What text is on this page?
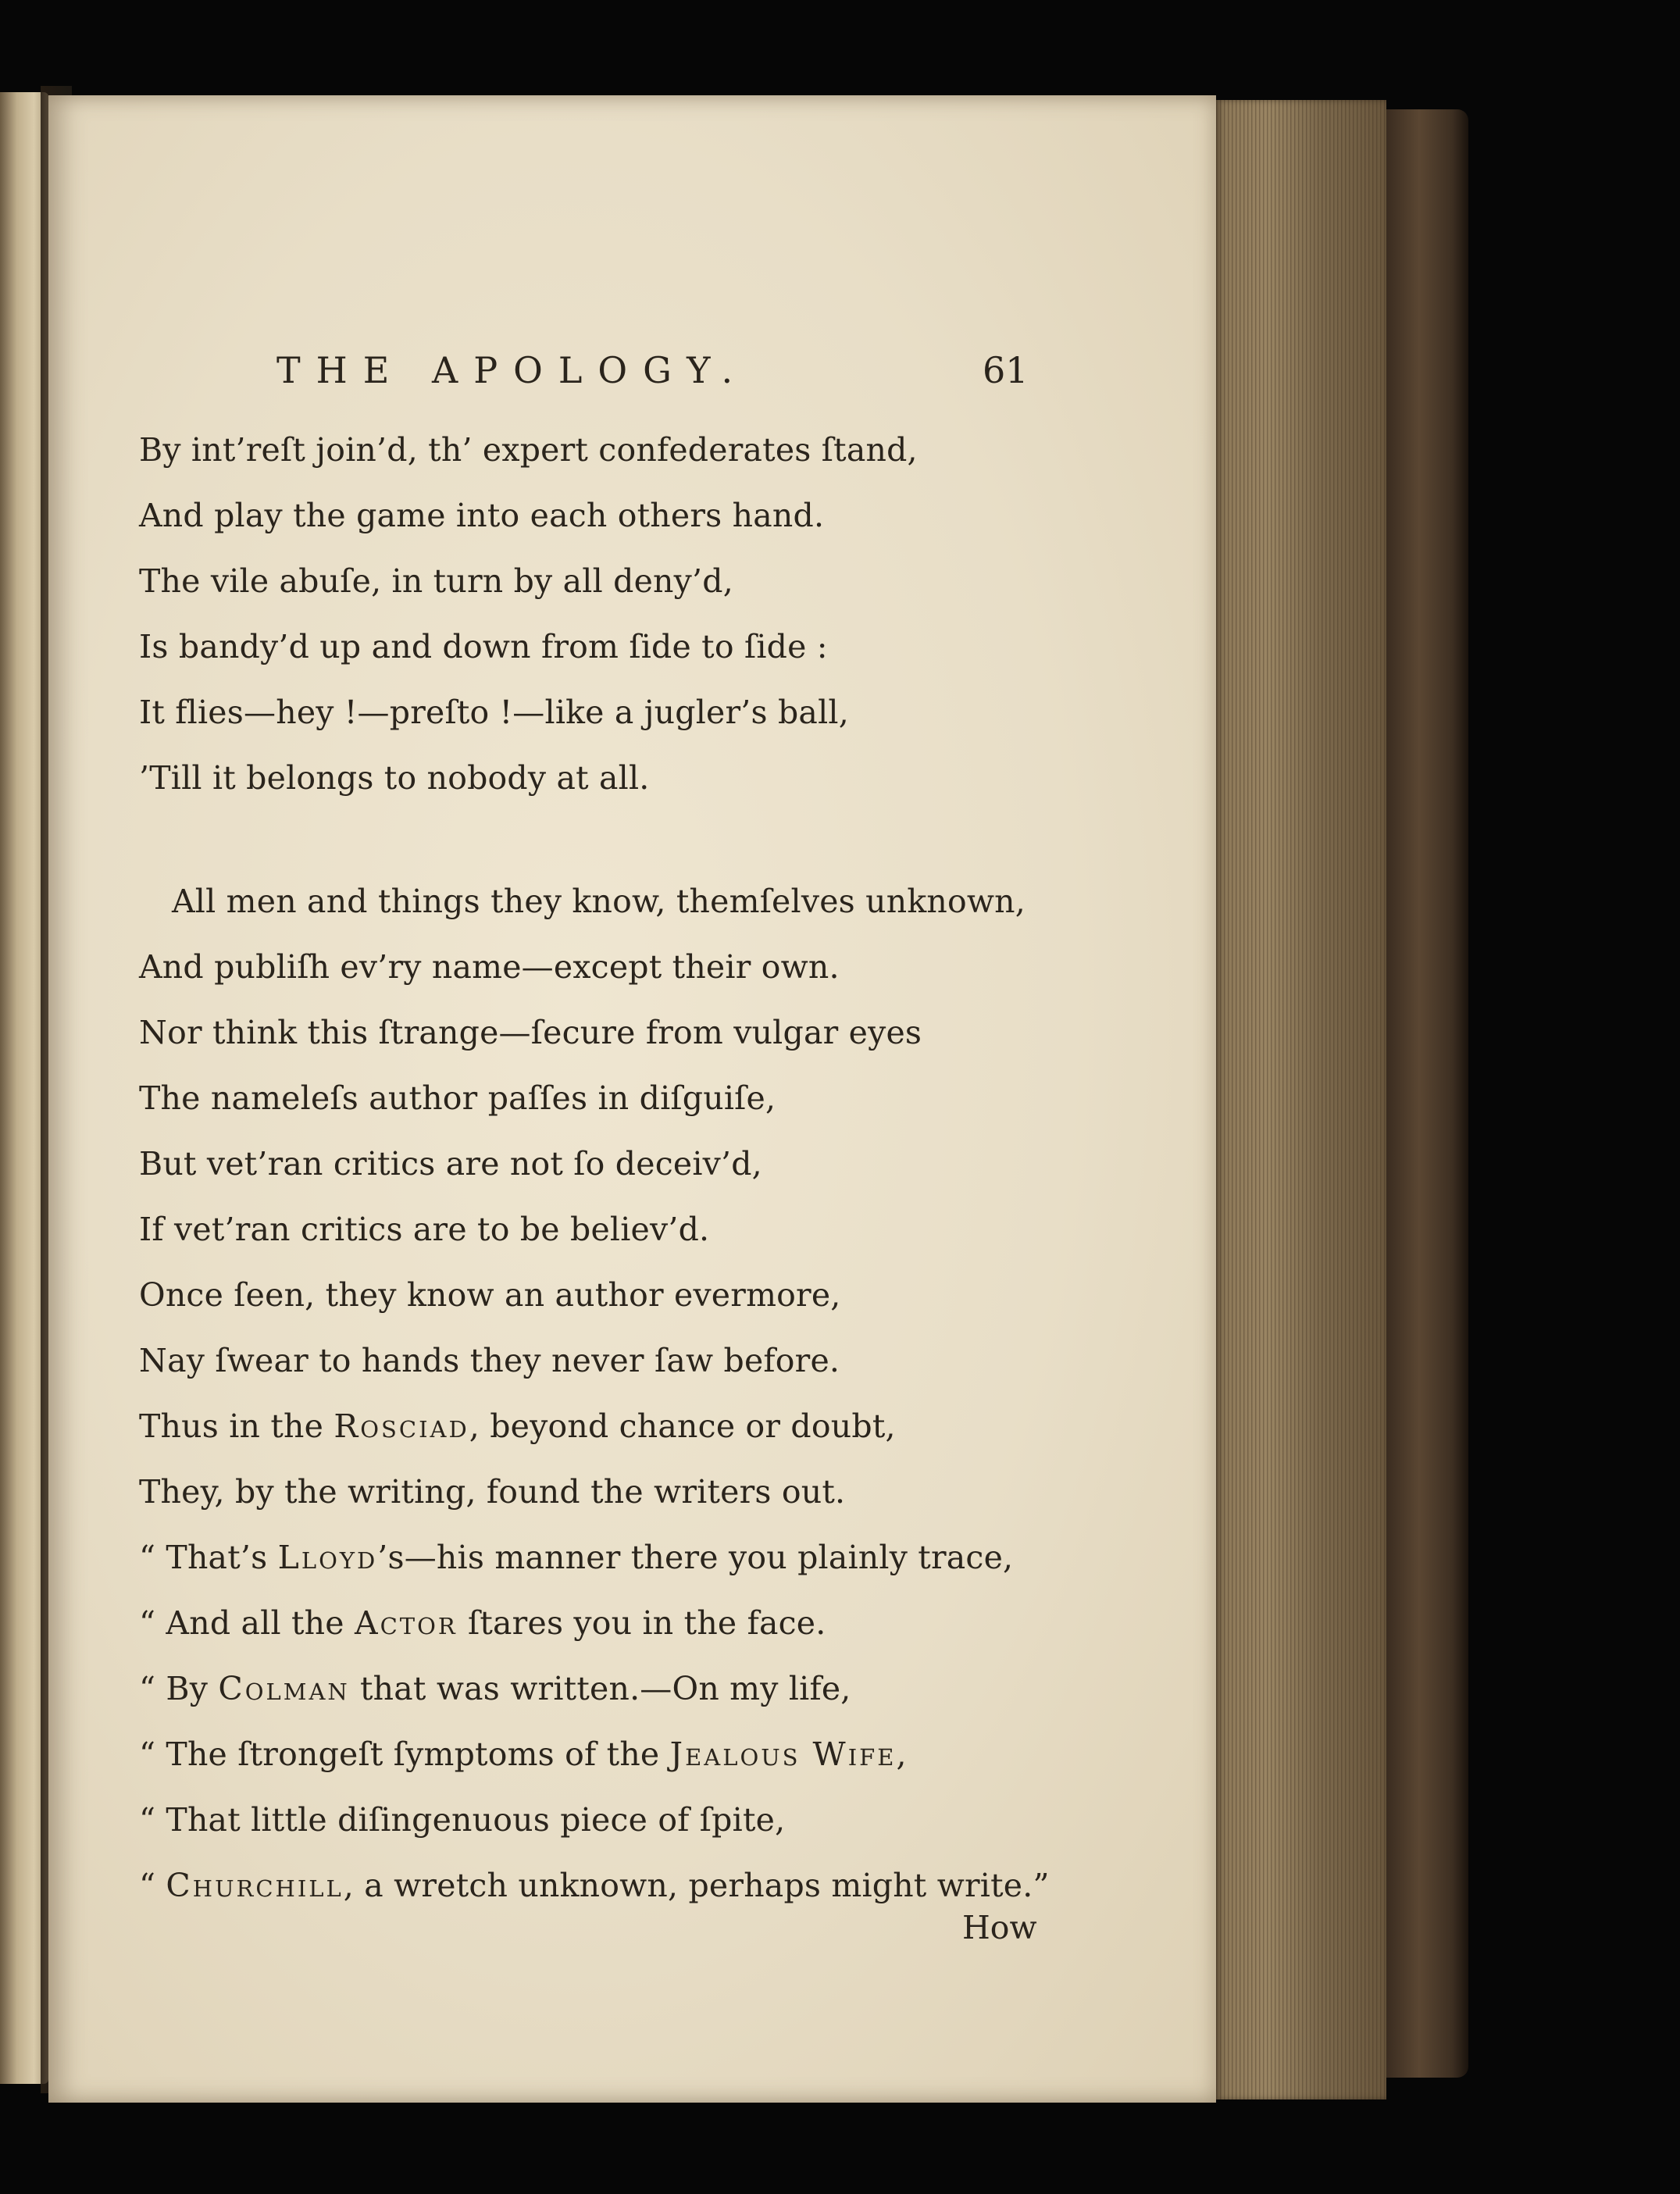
THE APOLOGY.	61
By int’reſt join’d, th’ expert confederates ſtand,
And play the game into each others hand.
The vile abuſe, in turn by all deny’d,
Is bandy’d up and down from ſide to ſide :
It flies—hey !—preſto !—like a jugler’s ball,
’Till it belongs to nobody at all.
All men and things they know, themſelves unknown,
And publiſh ev’ry name—except their own.
Nor think this ſtrange—ſecure from vulgar eyes
The nameleſs author paſſes in diſguiſe,
But vet’ran critics are not ſo deceiv’d,
If vet’ran critics are to be believ’d.
Once ſeen, they know an author evermore,
Nay ſwear to hands they never ſaw before.
Thus in the Rosciad, beyond chance or doubt,
They, by the writing, found the writers out.
“ That’s Lloyd’s—his manner there you plainly trace,
“ And all the Actor ſtares you in the face.
“ By Colman that was written.—On my life,
“ The ſtrongeſt ſymptoms of the Jealous Wife,
“ That little diſingenuous piece of ſpite,
“ Churchill, a wretch unknown, perhaps might write.”
How
